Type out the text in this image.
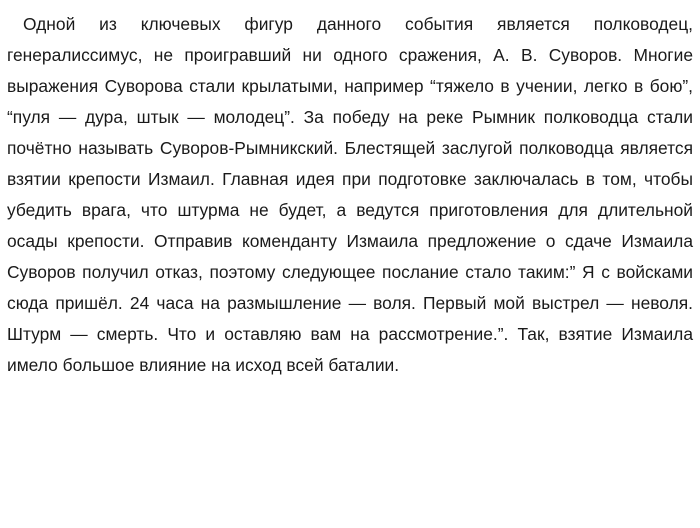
Одной из ключевых фигур данного события является полководец, генералиссимус, не проигравший ни одного сражения, А. В. Суворов. Многие выражения Суворова стали крылатыми, например “тяжело в учении, легко в бою”, “пуля — дура, штык — молодец”. За победу на реке Рымник полководца стали почётно называть Суворов-Рымникский. Блестящей заслугой полководца является взятии крепости Измаил. Главная идея при подготовке заключалась в том, чтобы убедить врага, что штурма не будет, а ведутся приготовления для длительной осады крепости. Отправив коменданту Измаила предложение о сдаче Измаила Суворов получил отказ, поэтому следующее послание стало таким:” Я с войсками сюда пришёл. 24 часа на размышление — воля. Первый мой выстрел — неволя. Штурм — смерть. Что и оставляю вам на рассмотрение.”. Так, взятие Измаила имело большое влияние на исход всей баталии.
